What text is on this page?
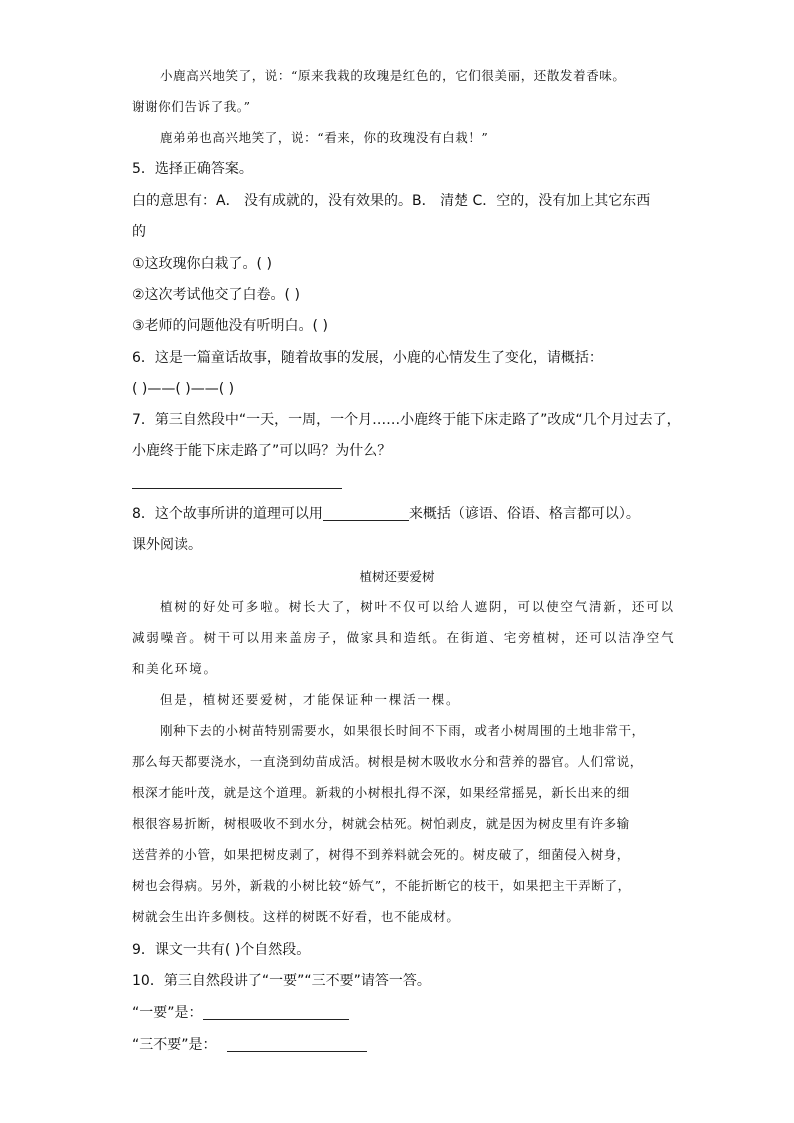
小鹿高兴地笑了，说：“原来我栽的玫瑰是红色的，它们很美丽，还散发着香味。
谢谢你们告诉了我。”
鹿弟弟也高兴地笑了，说：“看来，你的玫瑰没有白栽！”
5．选择正确答案。
白的意思有：A． 没有成就的，没有效果的。B． 清楚 C．空的，没有加上其它东西
的
①这玫瑰你白栽了。( )
②这次考试他交了白卷。( )
③老师的问题他没有听明白。( )
6．这是一篇童话故事，随着故事的发展，小鹿的心情发生了变化，请概括：
( )——( )——( )
7．第三自然段中“一天，一周，一个月……小鹿终于能下床走路了”改成“几个月过去了，
小鹿终于能下床走路了”可以吗？为什么？
8．这个故事所讲的道理可以用	来概括（谚语、俗语、格言都可以）。
课外阅读。
植树还要爱树
植树的好处可多啦。树长大了，树叶不仅可以给人遮阴，可以使空气清新，还可以
减弱噪音。树干可以用来盖房子，做家具和造纸。在街道、宅旁植树，还可以洁净空气
和美化环境。
但是，植树还要爱树，才能保证种一棵活一棵。
刚种下去的小树苗特别需要水，如果很长时间不下雨，或者小树周围的土地非常干，
那么每天都要浇水，一直浇到幼苗成活。树根是树木吸收水分和营养的器官。人们常说，
根深才能叶茂，就是这个道理。新栽的小树根扎得不深，如果经常摇晃，新长出来的细
根很容易折断，树根吸收不到水分，树就会枯死。树怕剥皮，就是因为树皮里有许多输
送营养的小管，如果把树皮剥了，树得不到养料就会死的。树皮破了，细菌侵入树身，
树也会得病。另外，新栽的小树比较“娇气”，不能折断它的枝干，如果把主干弄断了，
树就会生出许多侧枝。这样的树既不好看，也不能成材。
9．课文一共有( )个自然段。
10．第三自然段讲了“一要”“三不要”请答一答。
“一要”是：
“三不要”是：
